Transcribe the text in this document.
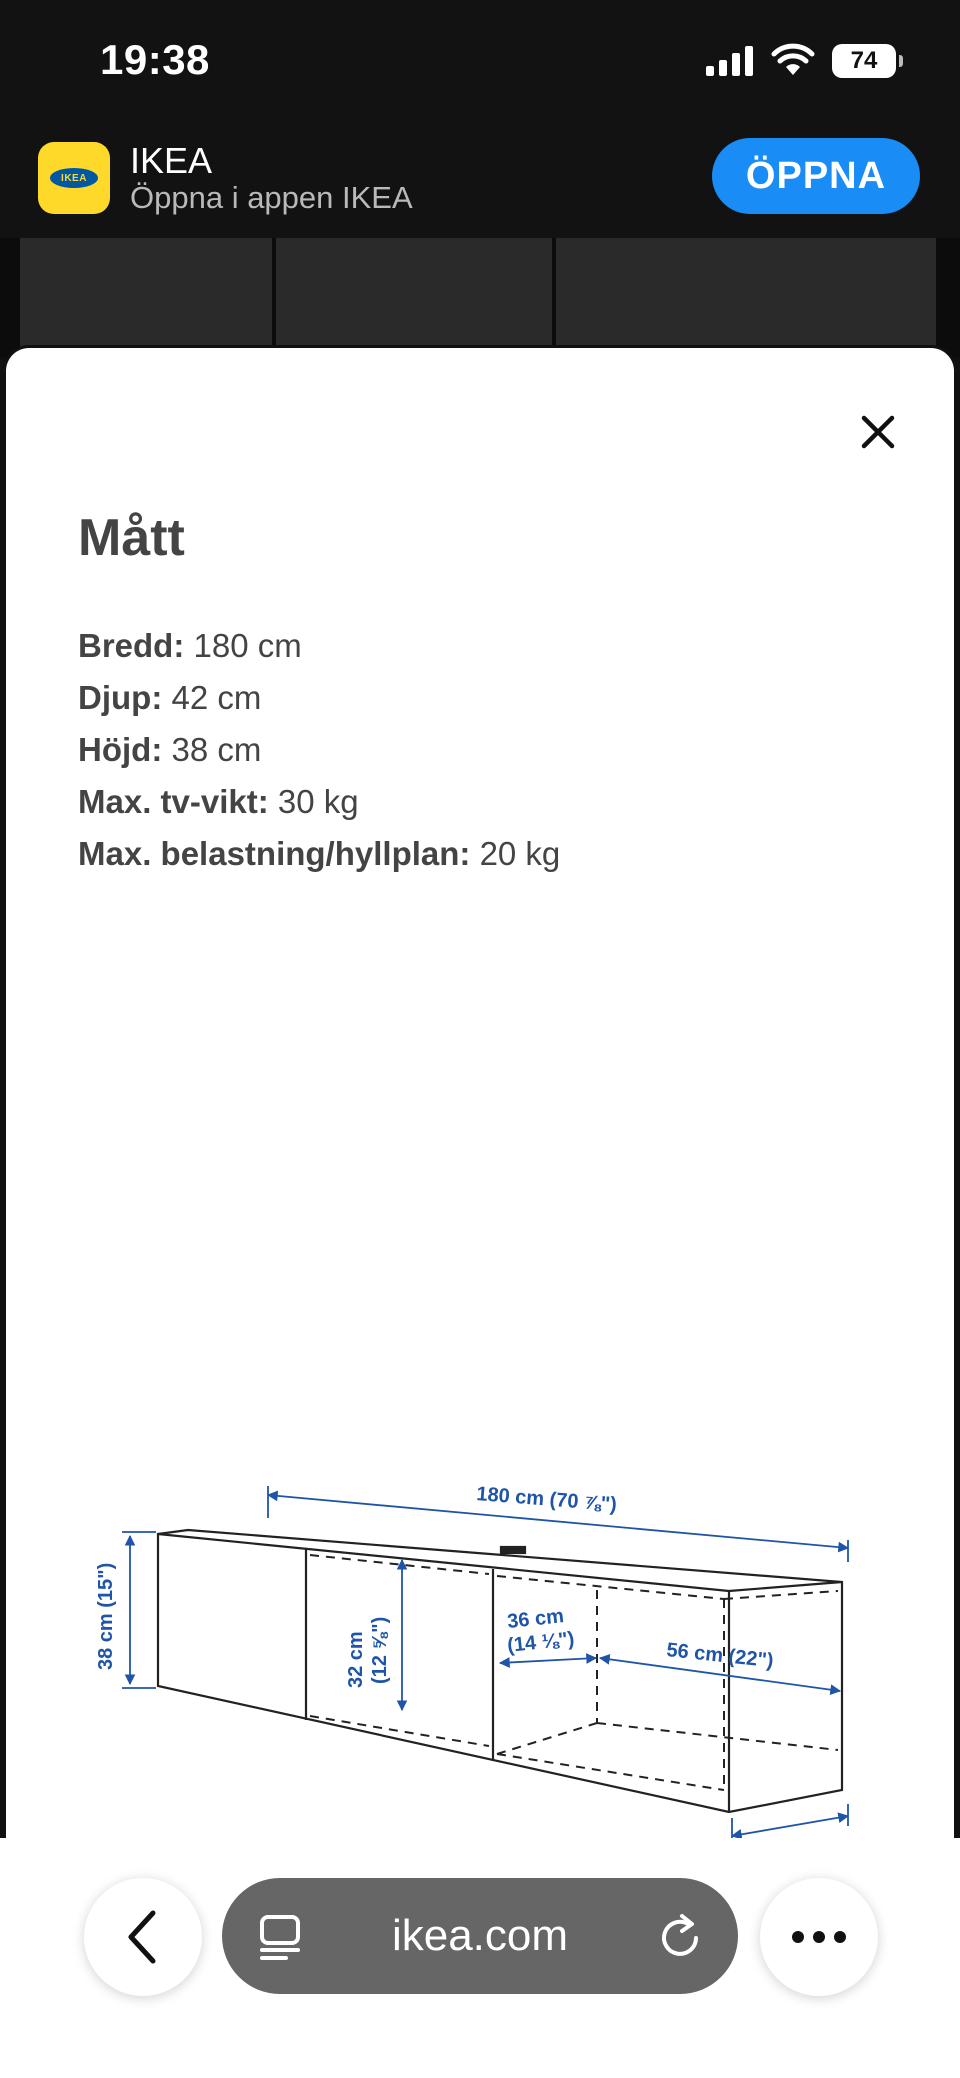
19:38	74
IKEA	IKEA
Öppna i appen IKEA
ÖPPNA
Mått
Bredd: 180 cm
Djup: 42 cm
Höjd: 38 cm
Max. tv-vikt: 30 kg
Max. belastning/hyllplan: 20 kg
180 cm (70 ⅞")
38 cm (15")	32 cm (12 ⅝")	36 cm
(14 ⅛")	56 cm (22")
ikea.com
